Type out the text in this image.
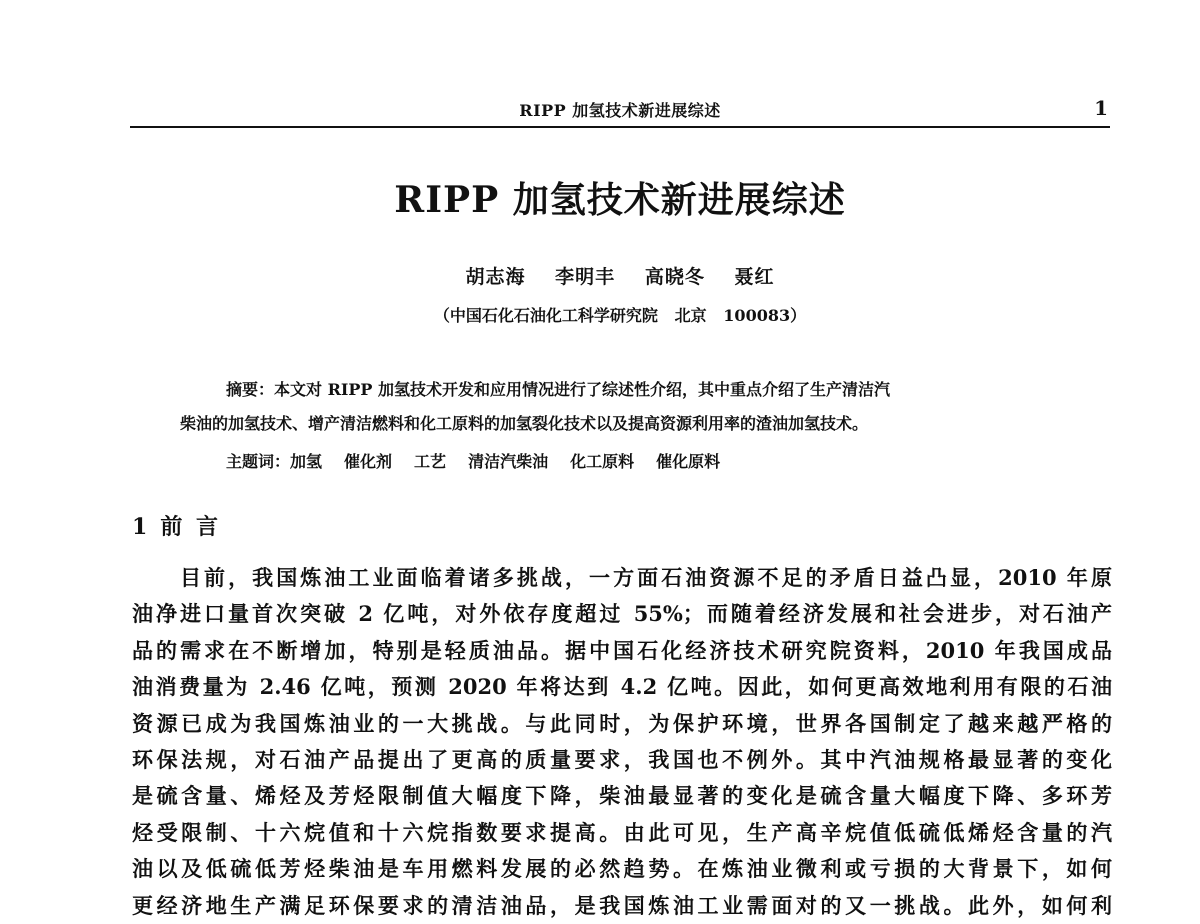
RIPP 加氢技术新进展综述	1
RIPP 加氢技术新进展综述
胡志海 李明丰 高晓冬 聂红
（中国石化石油化工科学研究院   北京   100083）
摘要：本文对 RIPP 加氢技术开发和应用情况进行了综述性介绍，其中重点介绍了生产清洁汽
柴油的加氢技术、增产清洁燃料和化工原料的加氢裂化技术以及提高资源利用率的渣油加氢技术。
主题词：加氢 催化剂 工艺 清洁汽柴油 化工原料 催化原料
1 前 言
目前，我国炼油工业面临着诸多挑战，一方面石油资源不足的矛盾日益凸显，2010 年原
油净进口量首次突破 2 亿吨，对外依存度超过 55%；而随着经济发展和社会进步，对石油产
品的需求在不断增加，特别是轻质油品。据中国石化经济技术研究院资料，2010 年我国成品
油消费量为 2.46 亿吨，预测 2020 年将达到 4.2 亿吨。因此，如何更高效地利用有限的石油
资源已成为我国炼油业的一大挑战。与此同时，为保护环境，世界各国制定了越来越严格的
环保法规，对石油产品提出了更高的质量要求，我国也不例外。其中汽油规格最显著的变化
是硫含量、烯烃及芳烃限制值大幅度下降，柴油最显著的变化是硫含量大幅度下降、多环芳
烃受限制、十六烷值和十六烷指数要求提高。由此可见，生产高辛烷值低硫低烯烃含量的汽
油以及低硫低芳烃柴油是车用燃料发展的必然趋势。在炼油业微利或亏损的大背景下，如何
更经济地生产满足环保要求的清洁油品，是我国炼油工业需面对的又一挑战。此外，如何利
